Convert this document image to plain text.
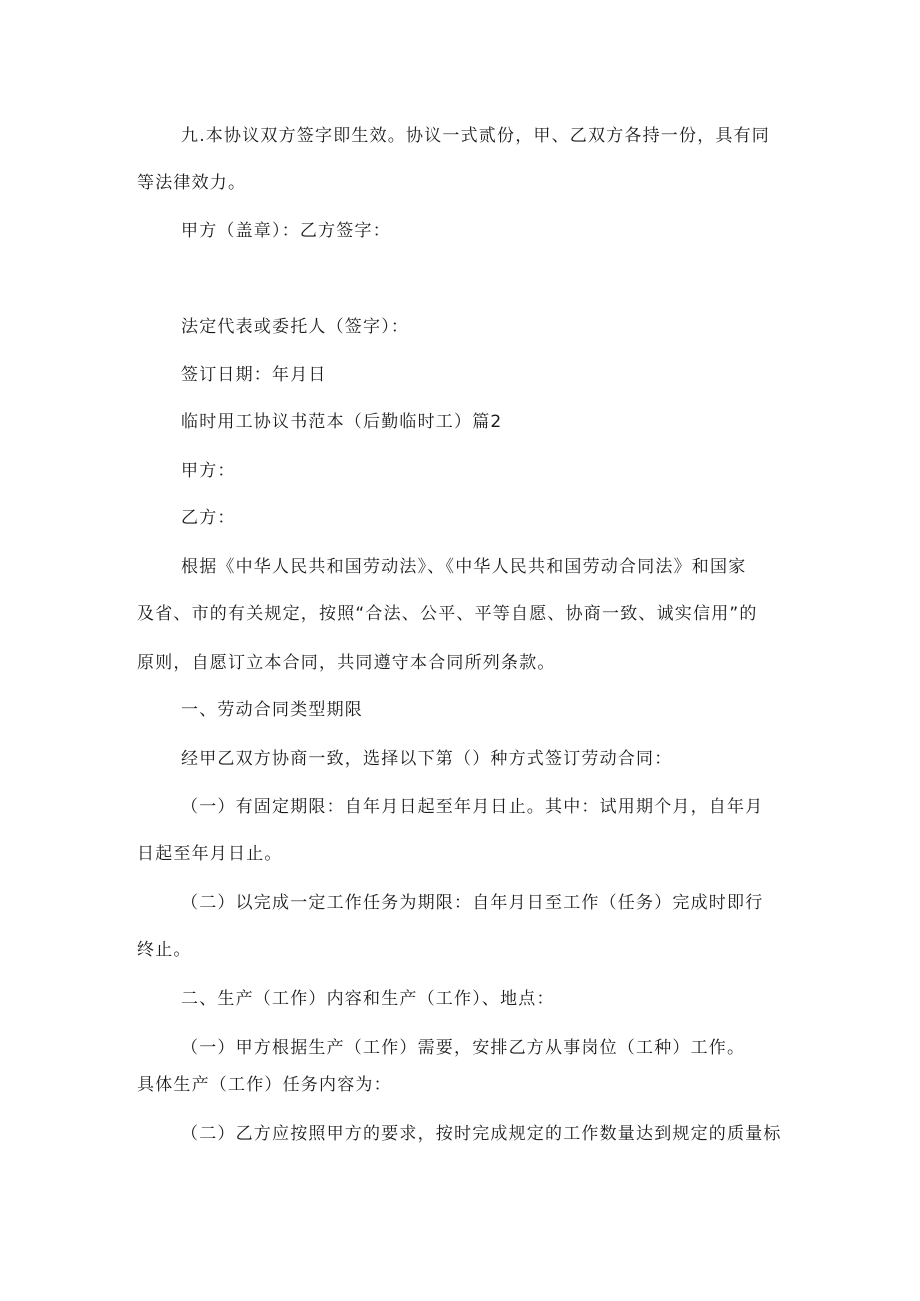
九.本协议双方签字即生效。协议一式贰份，甲、乙双方各持一份，具有同

等法律效力。

甲方（盖章）：乙方签字：

法定代表或委托人（签字）：

签订日期：年月日

临时用工协议书范本（后勤临时工）篇2

甲方：

乙方：

根据《中华人民共和国劳动法》、《中华人民共和国劳动合同法》和国家

及省、市的有关规定，按照“合法、公平、平等自愿、协商一致、诚实信用”的

原则，自愿订立本合同，共同遵守本合同所列条款。

一、劳动合同类型期限

经甲乙双方协商一致，选择以下第（）种方式签订劳动合同：

（一）有固定期限：自年月日起至年月日止。其中：试用期个月，自年月

日起至年月日止。

（二）以完成一定工作任务为期限：自年月日至工作（任务）完成时即行

终止。

二、生产（工作）内容和生产（工作）、地点：

（一）甲方根据生产（工作）需要，安排乙方从事岗位（工种）工作。

具体生产（工作）任务内容为：

（二）乙方应按照甲方的要求，按时完成规定的工作数量达到规定的质量标
